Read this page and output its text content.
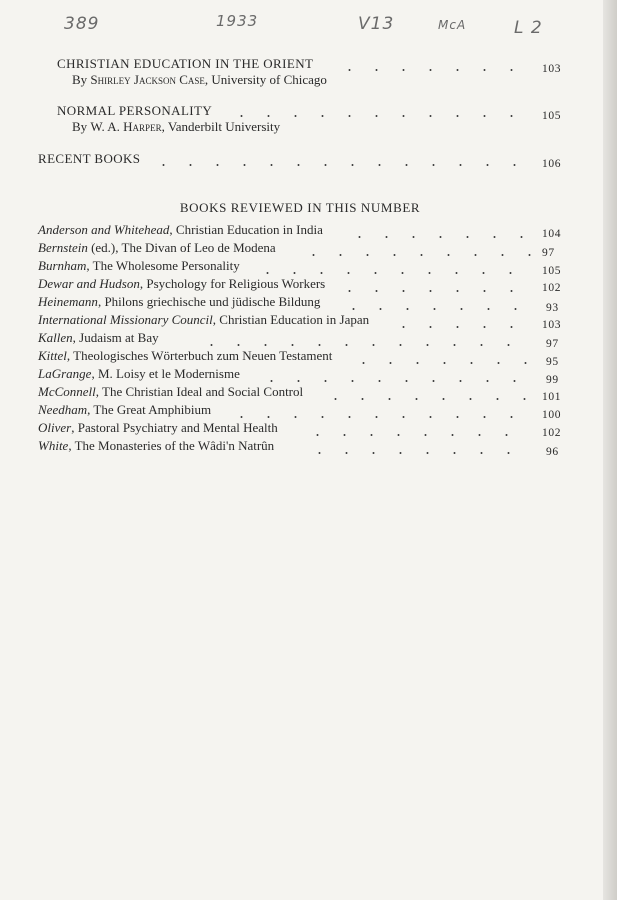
389	1933	V13	McA	L 2
CHRISTIAN EDUCATION IN THE ORIENT	103
By Shirley Jackson Case, University of Chicago
NORMAL PERSONALITY	105
By W. A. Harper, Vanderbilt University
RECENT BOOKS	106
BOOKS REVIEWED IN THIS NUMBER
Anderson and Whitehead, Christian Education in India	104
Bernstein (ed.), The Divan of Leo de Modena	97
Burnham, The Wholesome Personality	105
Dewar and Hudson, Psychology for Religious Workers	102
Heinemann, Philons griechische und jüdische Bildung	93
International Missionary Council, Christian Education in Japan	103
Kallen, Judaism at Bay	97
Kittel, Theologisches Wörterbuch zum Neuen Testament	95
LaGrange, M. Loisy et le Modernisme	99
McConnell, The Christian Ideal and Social Control	101
Needham, The Great Amphibium	100
Oliver, Pastoral Psychiatry and Mental Health	102
White, The Monasteries of the Wâdi'n Natrûn	96
